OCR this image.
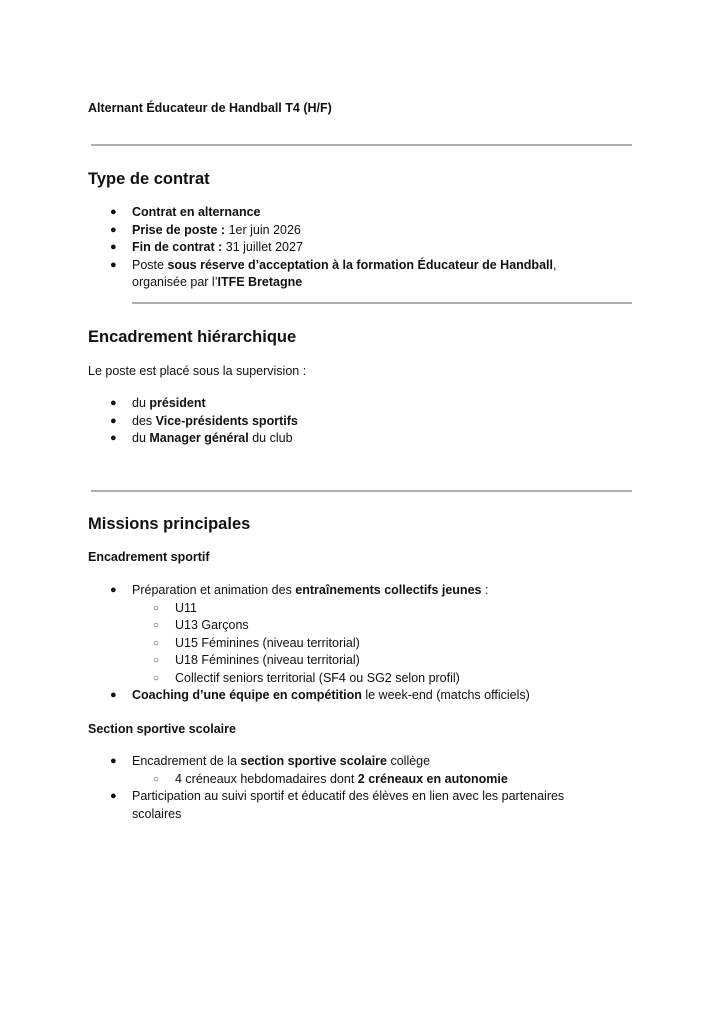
Alternant Éducateur de Handball T4 (H/F)
Type de contrat
● Contrat en alternance
● Prise de poste : 1er juin 2026
● Fin de contrat : 31 juillet 2027
● Poste sous réserve d’acceptation à la formation Éducateur de Handball,
organisée par l’ITFE Bretagne
Encadrement hiérarchique
Le poste est placé sous la supervision :
● du président
● des Vice-présidents sportifs
● du Manager général du club
Missions principales
Encadrement sportif
● Préparation et animation des entraînements collectifs jeunes :
○ U11
○ U13 Garçons
○ U15 Féminines (niveau territorial)
○ U18 Féminines (niveau territorial)
○ Collectif seniors territorial (SF4 ou SG2 selon profil)
● Coaching d’une équipe en compétition le week-end (matchs officiels)
Section sportive scolaire
● Encadrement de la section sportive scolaire collège
○ 4 créneaux hebdomadaires dont 2 créneaux en autonomie
● Participation au suivi sportif et éducatif des élèves en lien avec les partenaires
scolaires
